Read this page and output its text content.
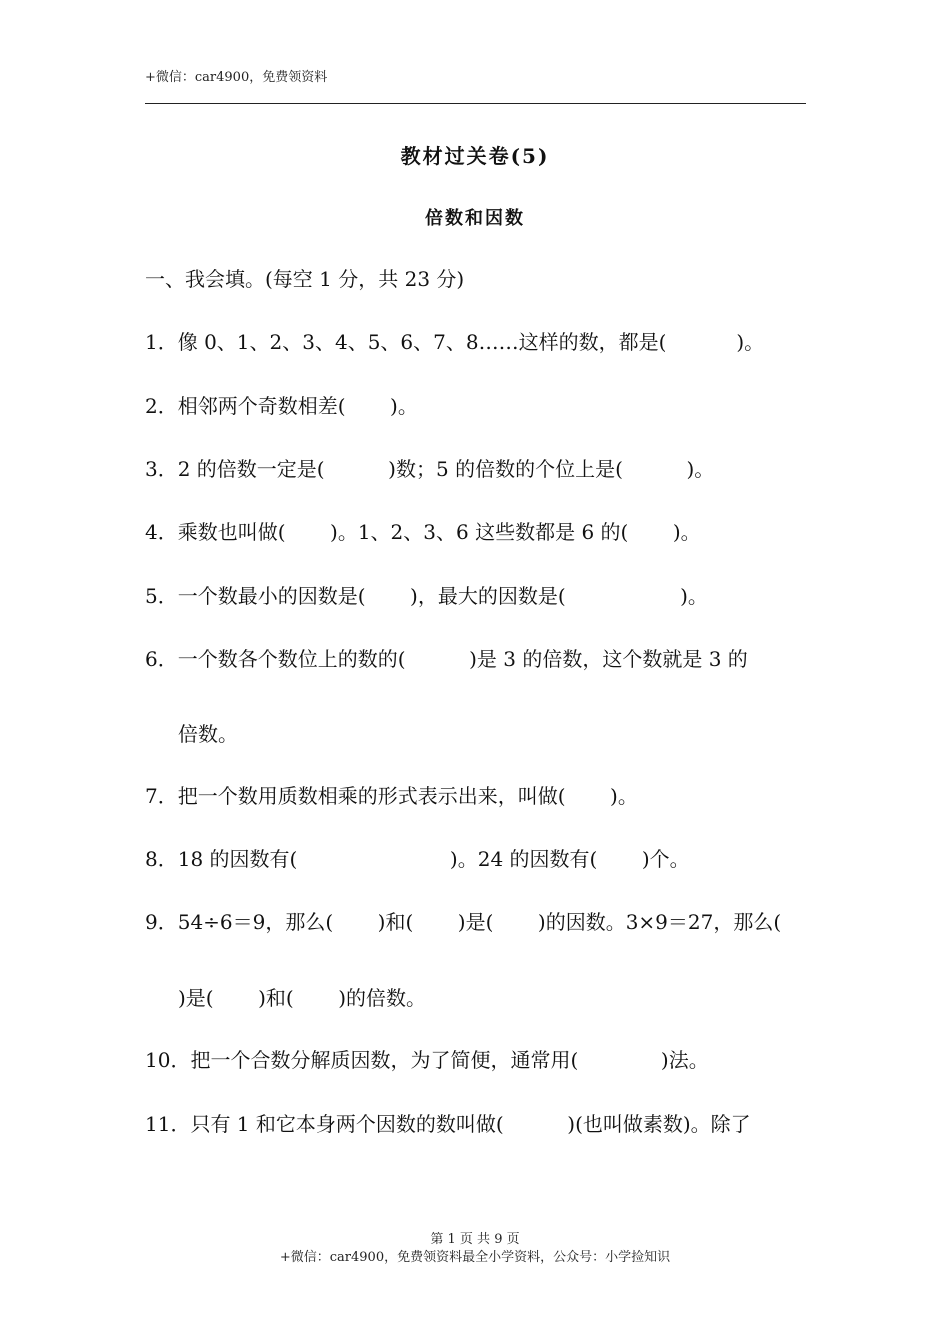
+微信：car4900，免费领资料
教材过关卷(5)
倍数和因数
一、我会填。(每空 1 分，共 23 分)
1．像 0、1、2、3、4、5、6、7、8……这样的数，都是(           )。
2．相邻两个奇数相差(       )。
3．2 的倍数一定是(          )数；5 的倍数的个位上是(          )。
4．乘数也叫做(       )。1、2、3、6 这些数都是 6 的(       )。
5．一个数最小的因数是(       )，最大的因数是(                  )。
6．一个数各个数位上的数的(          )是 3 的倍数，这个数就是 3 的
倍数。
7．把一个数用质数相乘的形式表示出来，叫做(       )。
8．18 的因数有(                        )。24 的因数有(       )个。
9．54÷6＝9，那么(       )和(       )是(       )的因数。3×9＝27，那么(
)是(       )和(       )的倍数。
10．把一个合数分解质因数，为了简便，通常用(             )法。
11．只有 1 和它本身两个因数的数叫做(          )(也叫做素数)。除了
第 1 页 共 9 页
+微信：car4900，免费领资料最全小学资料，公众号：小学捡知识
